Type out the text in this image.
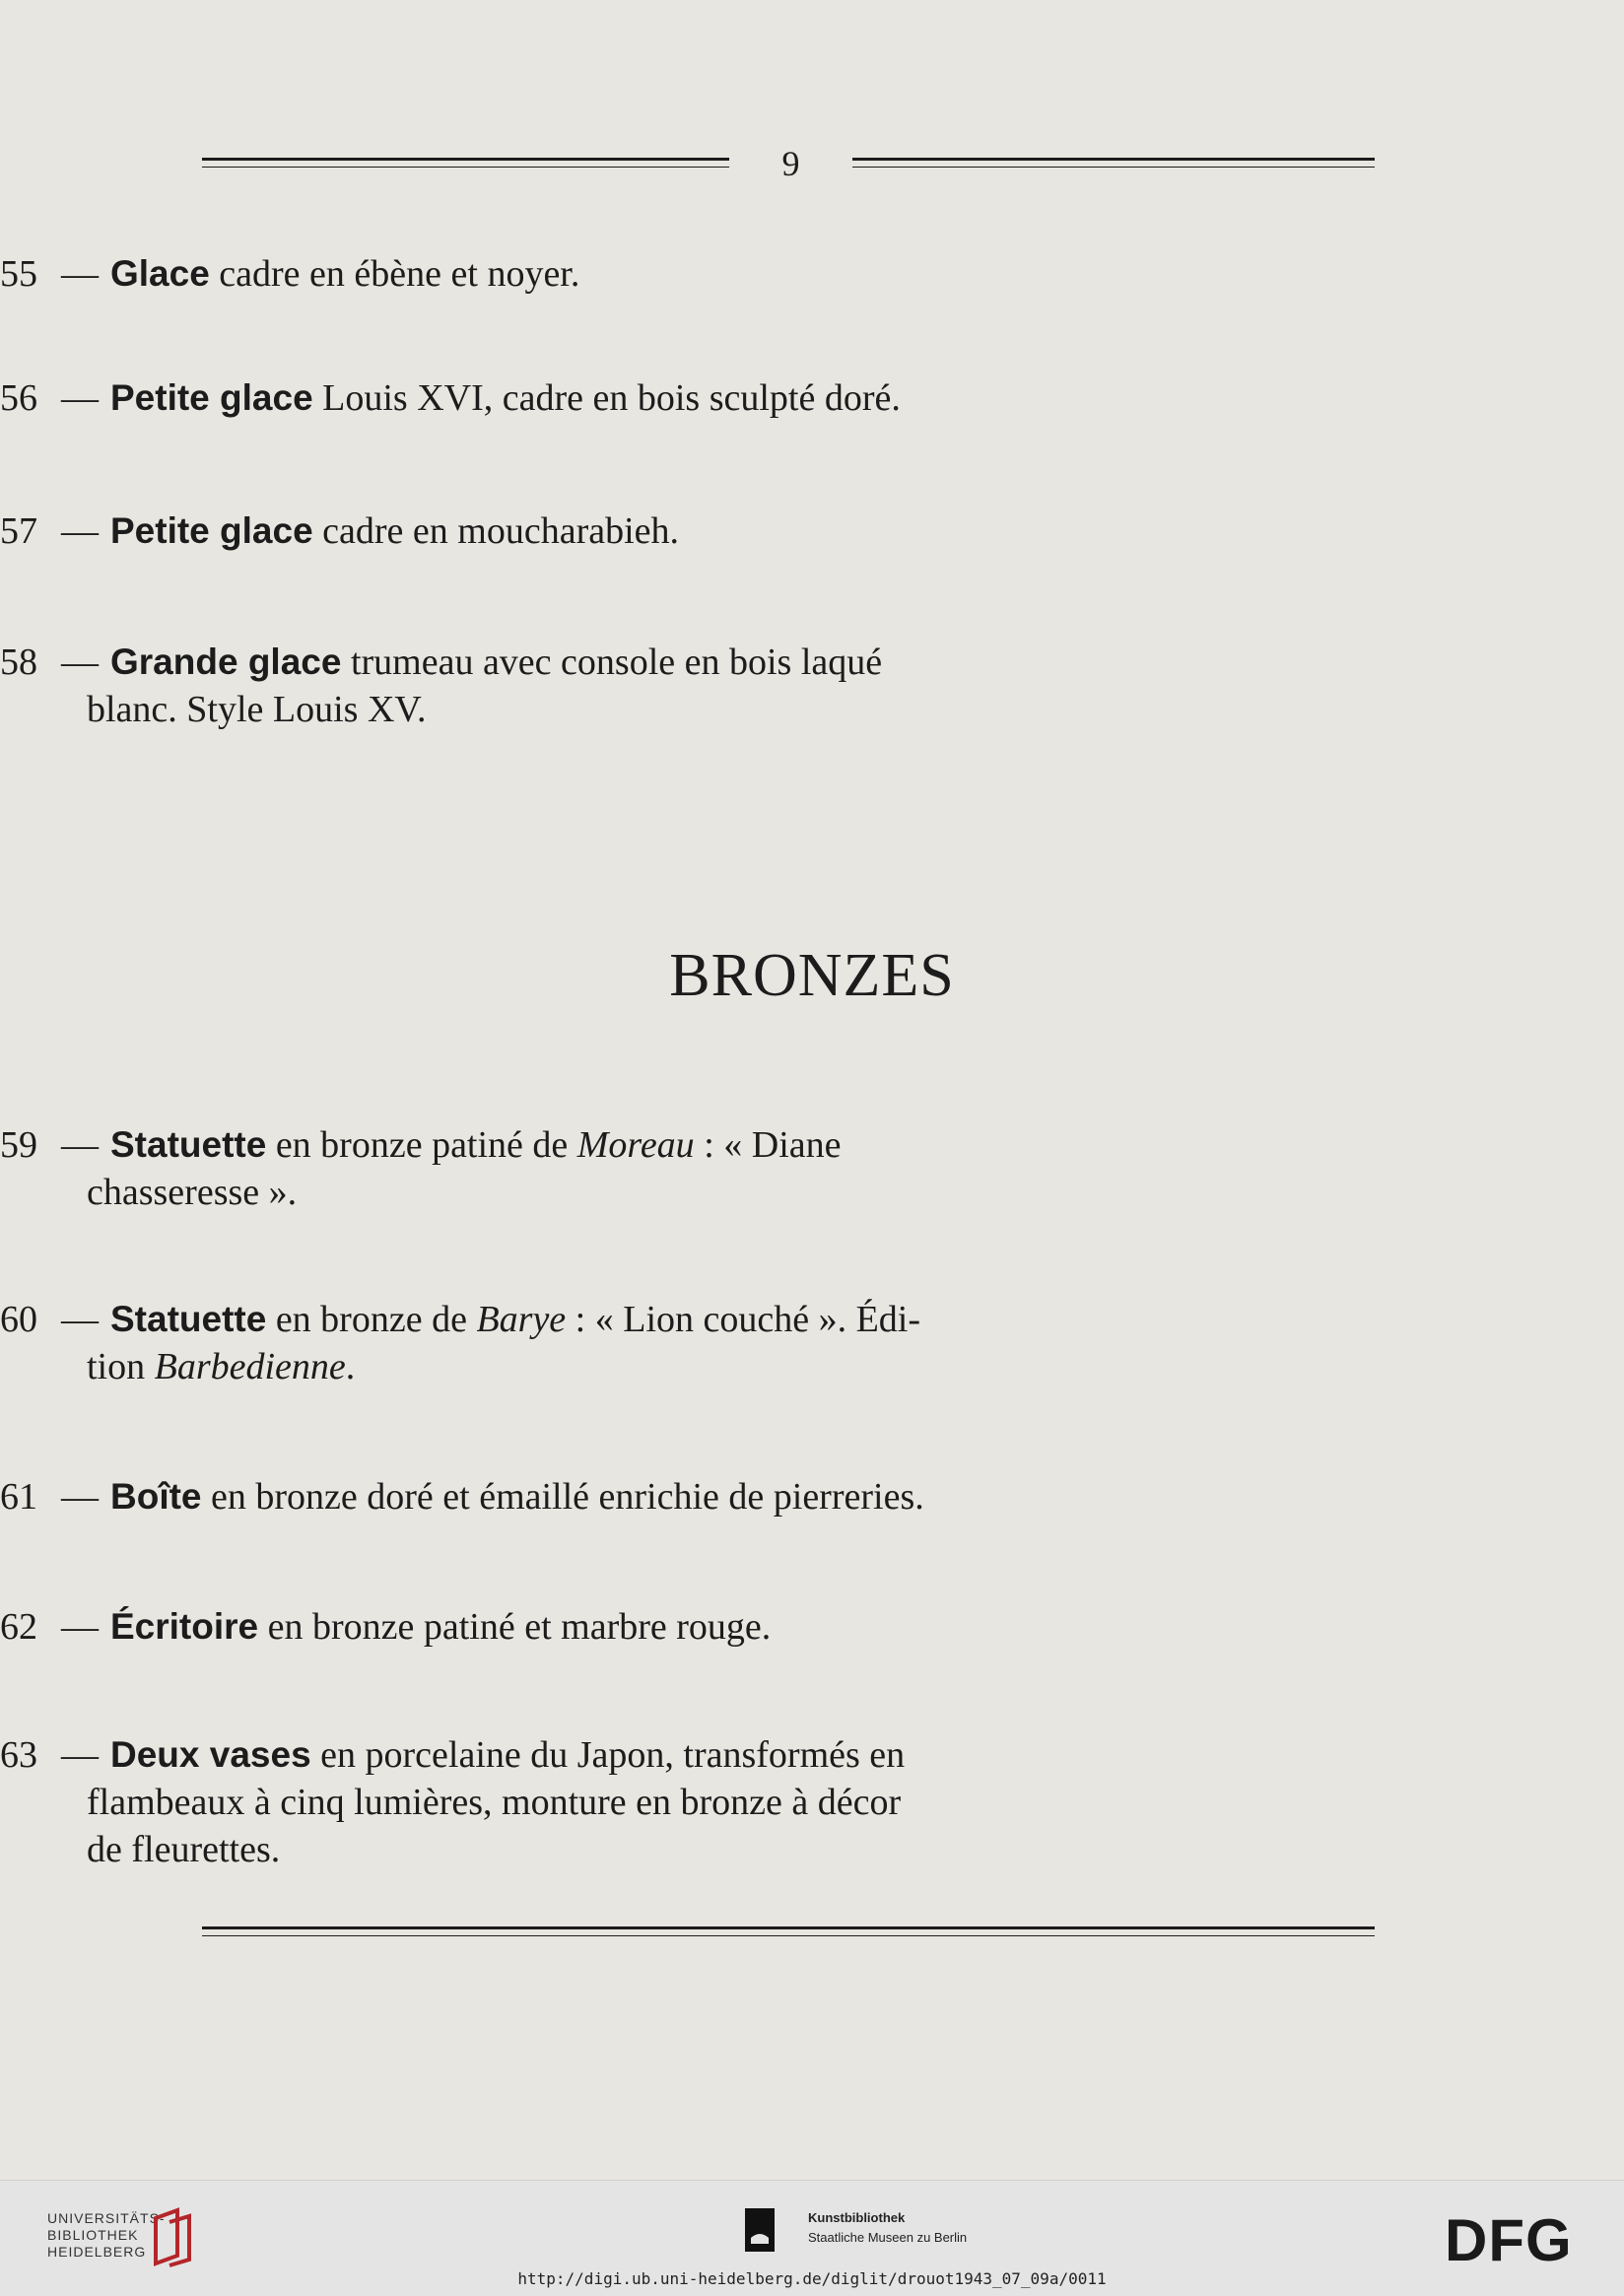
9
55 — Glace cadre en ébène et noyer.
56 — Petite glace Louis XVI, cadre en bois sculpté doré.
57 — Petite glace cadre en moucharabieh.
58 — Grande glace trumeau avec console en bois laqué
blanc. Style Louis XV.
BRONZES
59 — Statuette en bronze patiné de Moreau : « Diane
chasseresse ».
60 — Statuette en bronze de Barye : « Lion couché ». Édi-
tion Barbedienne.
61 — Boîte en bronze doré et émaillé enrichie de pierreries.
62 — Écritoire en bronze patiné et marbre rouge.
63 — Deux vases en porcelaine du Japon, transformés en
flambeaux à cinq lumières, monture en bronze à décor
de fleurettes.
UNIVERSITÄTS-
BIBLIOTHEK
HEIDELBERG
Kunstbibliothek
Staatliche Museen zu Berlin	DFG
http://digi.ub.uni-heidelberg.de/diglit/drouot1943_07_09a/0011
